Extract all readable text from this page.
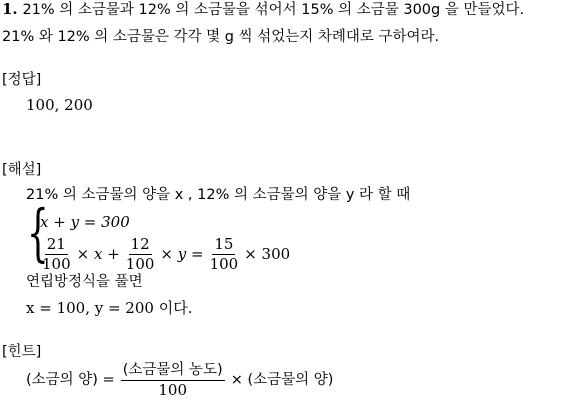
1. 21% 의 소금물과 12% 의 소금물을 섞어서 15% 의 소금물 300g 을 만들었다.
21% 와 12% 의 소금물은 각각 몇 g 씩 섞었는지 차례대로 구하여라.
[정답]
100, 200
[해설]
21% 의 소금물의 양을 x , 12% 의 소금물의 양을 y 라 할 때
{
x + y = 300
$\frac{21}{100} \times x + \frac{12}{100} \times y = \frac{15}{100} \times 300$
연립방정식을 풀면
x = 100, y = 200 이다.
[힌트]
(소금의 양) = $\frac{\text{(소금물의 농도)}}{100}$ × (소금물의 양)
